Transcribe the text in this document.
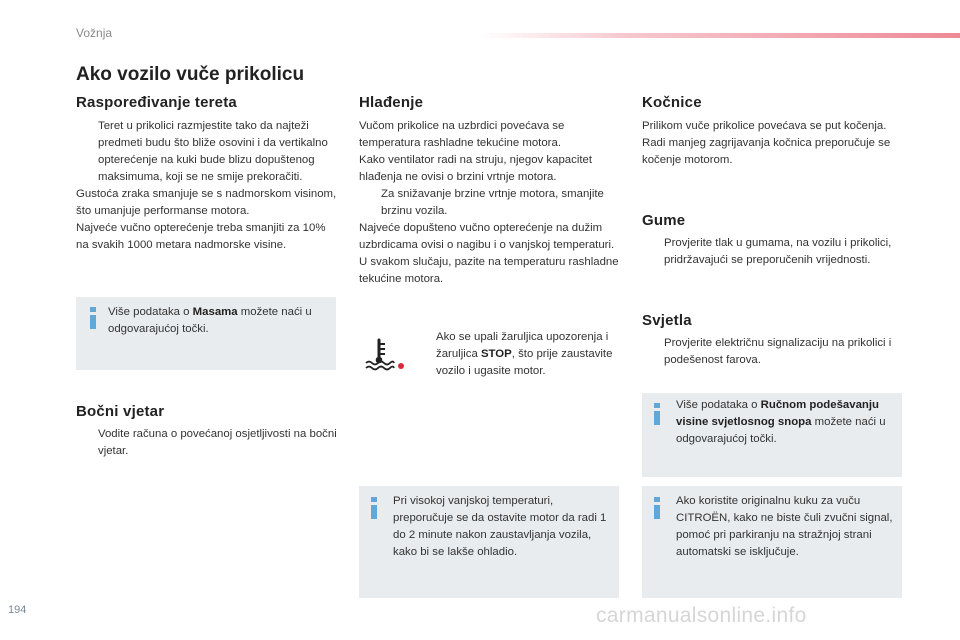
Vožnja
Ako vozilo vuče prikolicu
Raspoređivanje tereta
Teret u prikolici razmjestite tako da najteži predmeti budu što bliže osovini i da vertikalno opterećenje na kuki bude blizu dopuštenog maksimuma, koji se ne smije prekoračiti.
Gustoća zraka smanjuje se s nadmorskom visinom, što umanjuje performanse motora.
Najveće vučno opterećenje treba smanjiti za 10% na svakih 1000 metara nadmorske visine.
Više podataka o Masama možete naći u odgovarajućoj točki.
Bočni vjetar
Vodite računa o povećanoj osjetljivosti na bočni vjetar.
Hlađenje
Vučom prikolice na uzbrdici povećava se temperatura rashladne tekućine motora.
Kako ventilator radi na struju, njegov kapacitet hlađenja ne ovisi o brzini vrtnje motora.
Za snižavanje brzine vrtnje motora, smanjite brzinu vozila.
Najveće dopušteno vučno opterećenje na dužim uzbrdicama ovisi o nagibu i o vanjskoj temperaturi.
U svakom slučaju, pazite na temperaturu rashladne tekućine motora.
Ako se upali žaruljica upozorenja i žaruljica STOP, što prije zaustavite vozilo i ugasite motor.
Pri visokoj vanjskoj temperaturi, preporučuje se da ostavite motor da radi 1 do 2 minute nakon zaustavljanja vozila, kako bi se lakše ohladio.
Kočnice
Prilikom vuče prikolice povećava se put kočenja.
Radi manjeg zagrijavanja kočnica preporučuje se kočenje motorom.
Gume
Provjerite tlak u gumama, na vozilu i prikolici, pridržavajući se preporučenih vrijednosti.
Svjetla
Provjerite električnu signalizaciju na prikolici i podešenost farova.
Više podataka o Ručnom podešavanju visine svjetlosnog snopa možete naći u odgovarajućoj točki.
Ako koristite originalnu kuku za vuču CITROËN, kako ne biste čuli zvučni signal, pomoć pri parkiranju na stražnjoj strani automatski se isključuje.
194	carmanualsonline.info
